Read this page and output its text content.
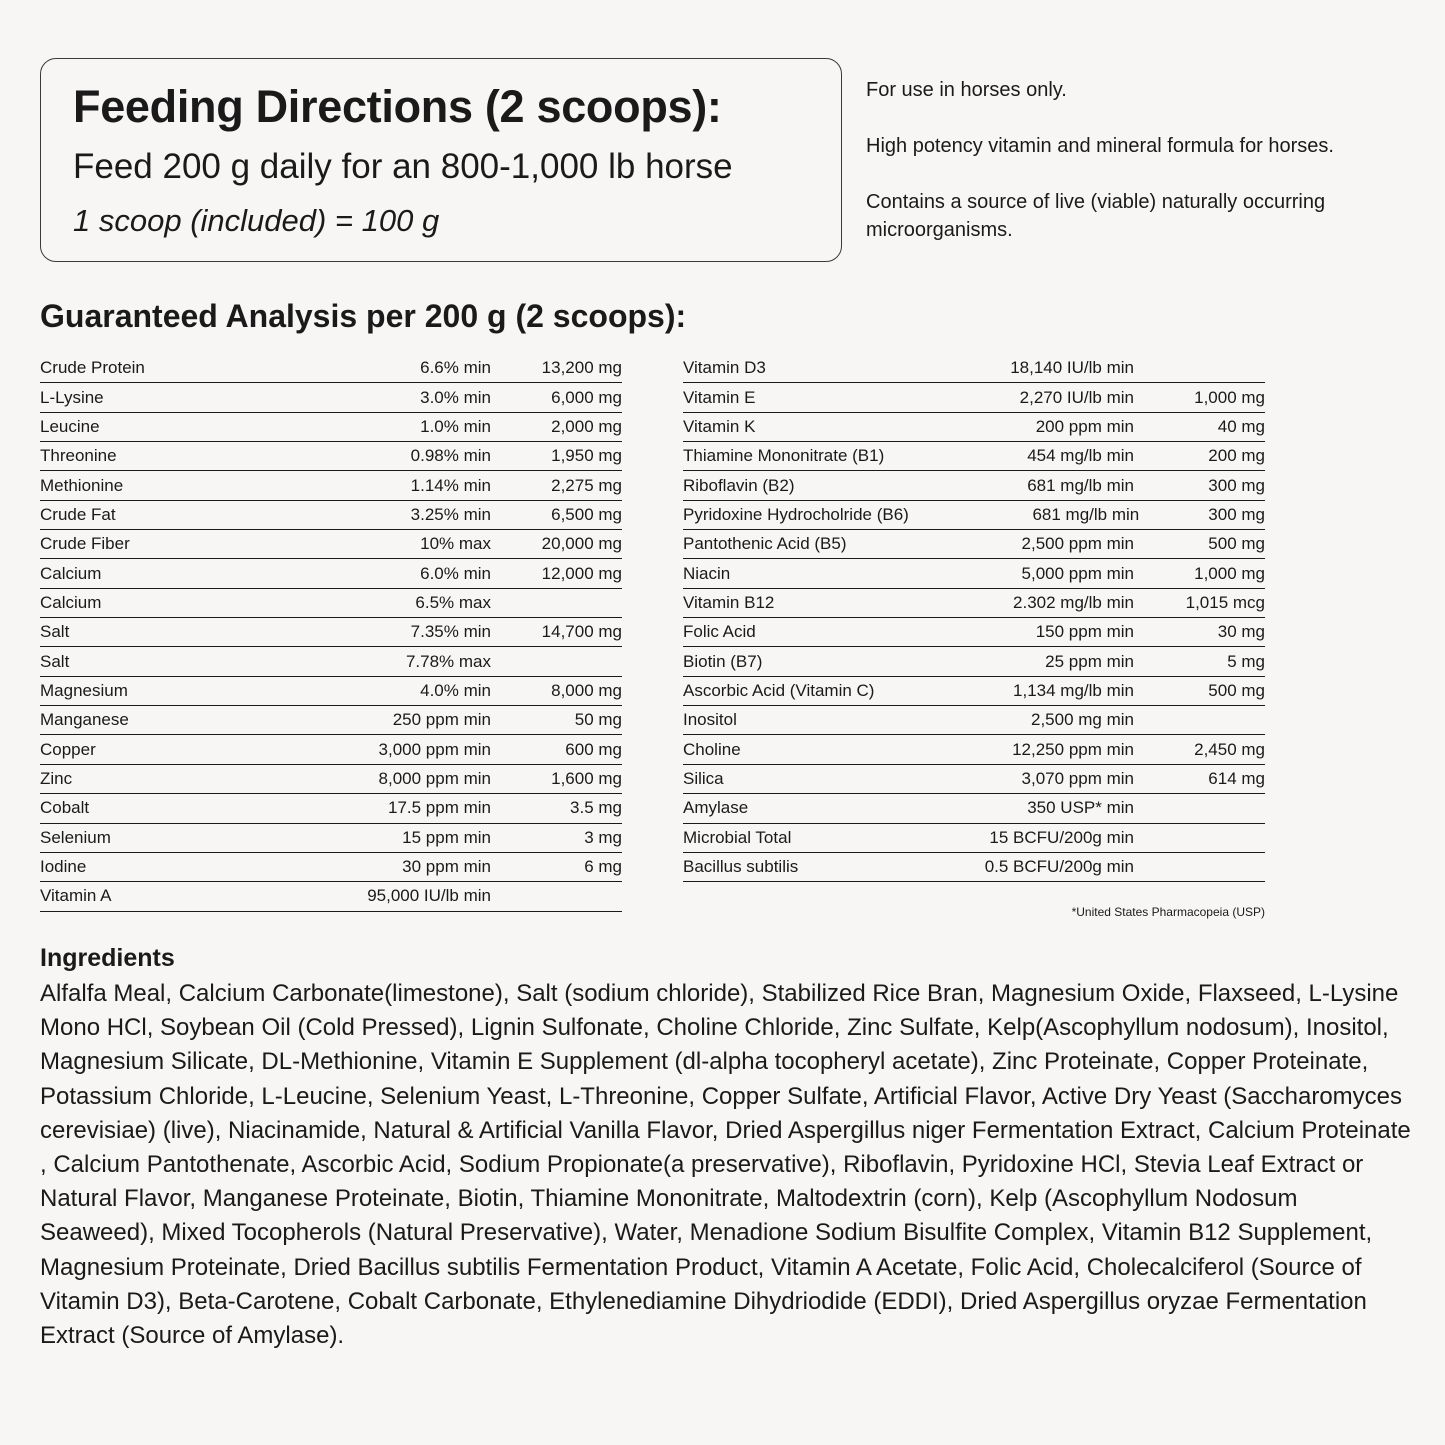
Feeding Directions (2 scoops):

Feed 200 g daily for an 800-1,000 lb horse

1 scoop (included) = 100 g

For use in horses only.

High potency vitamin and mineral formula for horses.

Contains a source of live (viable) naturally occurring microorganisms.

Guaranteed Analysis per 200 g (2 scoops):
Crude Protein	6.6% min	13,200 mg
L-Lysine	3.0% min	6,000 mg
Leucine	1.0% min	2,000 mg
Threonine	0.98% min	1,950 mg
Methionine	1.14% min	2,275 mg
Crude Fat	3.25% min	6,500 mg
Crude Fiber	10% max	20,000 mg
Calcium	6.0% min	12,000 mg
Calcium	6.5% max
Salt	7.35% min	14,700 mg
Salt	7.78% max
Magnesium	4.0% min	8,000 mg
Manganese	250 ppm min	50 mg
Copper	3,000 ppm min	600 mg
Zinc	8,000 ppm min	1,600 mg
Cobalt	17.5 ppm min	3.5 mg
Selenium	15 ppm min	3 mg
Iodine	30 ppm min	6 mg
Vitamin A	95,000 IU/lb min
Vitamin D3	18,140 IU/lb min
Vitamin E	2,270 IU/lb min	1,000 mg
Vitamin K	200 ppm min	40 mg
Thiamine Mononitrate (B1)	454 mg/lb min	200 mg
Riboflavin (B2)	681 mg/lb min	300 mg
Pyridoxine Hydrocholride (B6)	681 mg/lb min	300 mg
Pantothenic Acid (B5)	2,500 ppm min	500 mg
Niacin	5,000 ppm min	1,000 mg
Vitamin B12	2.302 mg/lb min	1,015 mcg
Folic Acid	150 ppm min	30 mg
Biotin (B7)	25 ppm min	5 mg
Ascorbic Acid (Vitamin C)	1,134 mg/lb min	500 mg
Inositol	2,500 mg min
Choline	12,250 ppm min	2,450 mg
Silica	3,070 ppm min	614 mg
Amylase	350 USP* min
Microbial Total	15 BCFU/200g min
Bacillus subtilis	0.5 BCFU/200g min
*United States Pharmacopeia (USP)
Ingredients

Alfalfa Meal, Calcium Carbonate(limestone), Salt (sodium chloride), Stabilized Rice Bran, Magnesium Oxide, Flaxseed, L-Lysine Mono HCl, Soybean Oil (Cold Pressed), Lignin Sulfonate, Choline Chloride, Zinc Sulfate, Kelp(Ascophyllum nodosum), Inositol, Magnesium Silicate, DL-Methionine, Vitamin E Supplement (dl-alpha tocopheryl acetate), Zinc Proteinate, Copper Proteinate, Potassium Chloride, L-Leucine, Selenium Yeast, L-Threonine, Copper Sulfate, Artificial Flavor, Active Dry Yeast (Saccharomyces cerevisiae) (live), Niacinamide, Natural & Artificial Vanilla Flavor, Dried Aspergillus niger Fermentation Extract, Calcium Proteinate , Calcium Pantothenate, Ascorbic Acid, Sodium Propionate(a preservative), Riboflavin, Pyridoxine HCl, Stevia Leaf Extract or Natural Flavor, Manganese Proteinate, Biotin, Thiamine Mononitrate, Maltodextrin (corn), Kelp (Ascophyllum Nodosum Seaweed), Mixed Tocopherols (Natural Preservative), Water, Menadione Sodium Bisulfite Complex, Vitamin B12 Supplement, Magnesium Proteinate, Dried Bacillus subtilis Fermentation Product, Vitamin A Acetate, Folic Acid, Cholecalciferol (Source of Vitamin D3), Beta-Carotene, Cobalt Carbonate, Ethylenediamine Dihydriodide (EDDI), Dried Aspergillus oryzae Fermentation Extract (Source of Amylase).
